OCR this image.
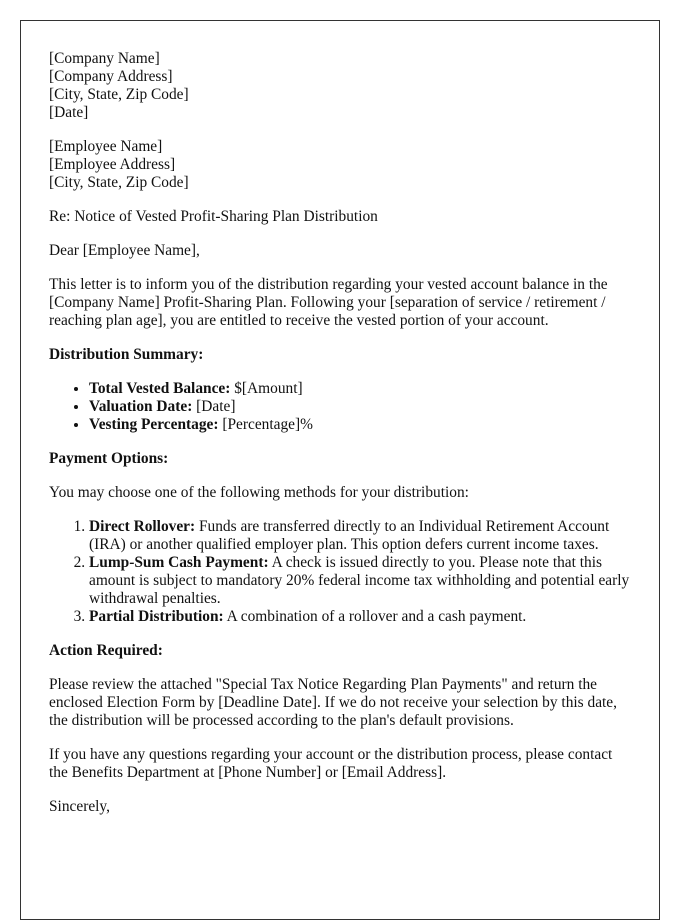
[Company Name]
[Company Address]
[City, State, Zip Code]
[Date]
[Employee Name]
[Employee Address]
[City, State, Zip Code]

Re: Notice of Vested Profit-Sharing Plan Distribution

Dear [Employee Name],

This letter is to inform you of the distribution regarding your vested account balance in the [Company Name] Profit-Sharing Plan. Following your [separation of service / retirement / reaching plan age], you are entitled to receive the vested portion of your account.

Distribution Summary:
• Total Vested Balance: $[Amount]
• Valuation Date: [Date]
• Vesting Percentage: [Percentage]%
Payment Options:

You may choose one of the following methods for your distribution:

1. Direct Rollover: Funds are transferred directly to an Individual Retirement Account (IRA) or another qualified employer plan. This option defers current income taxes.
2. Lump-Sum Cash Payment: A check is issued directly to you. Please note that this amount is subject to mandatory 20% federal income tax withholding and potential early withdrawal penalties.
3. Partial Distribution: A combination of a rollover and a cash payment.
Action Required:

Please review the attached "Special Tax Notice Regarding Plan Payments" and return the enclosed Election Form by [Deadline Date]. If we do not receive your selection by this date, the distribution will be processed according to the plan's default provisions.

If you have any questions regarding your account or the distribution process, please contact the Benefits Department at [Phone Number] or [Email Address].

Sincerely,
